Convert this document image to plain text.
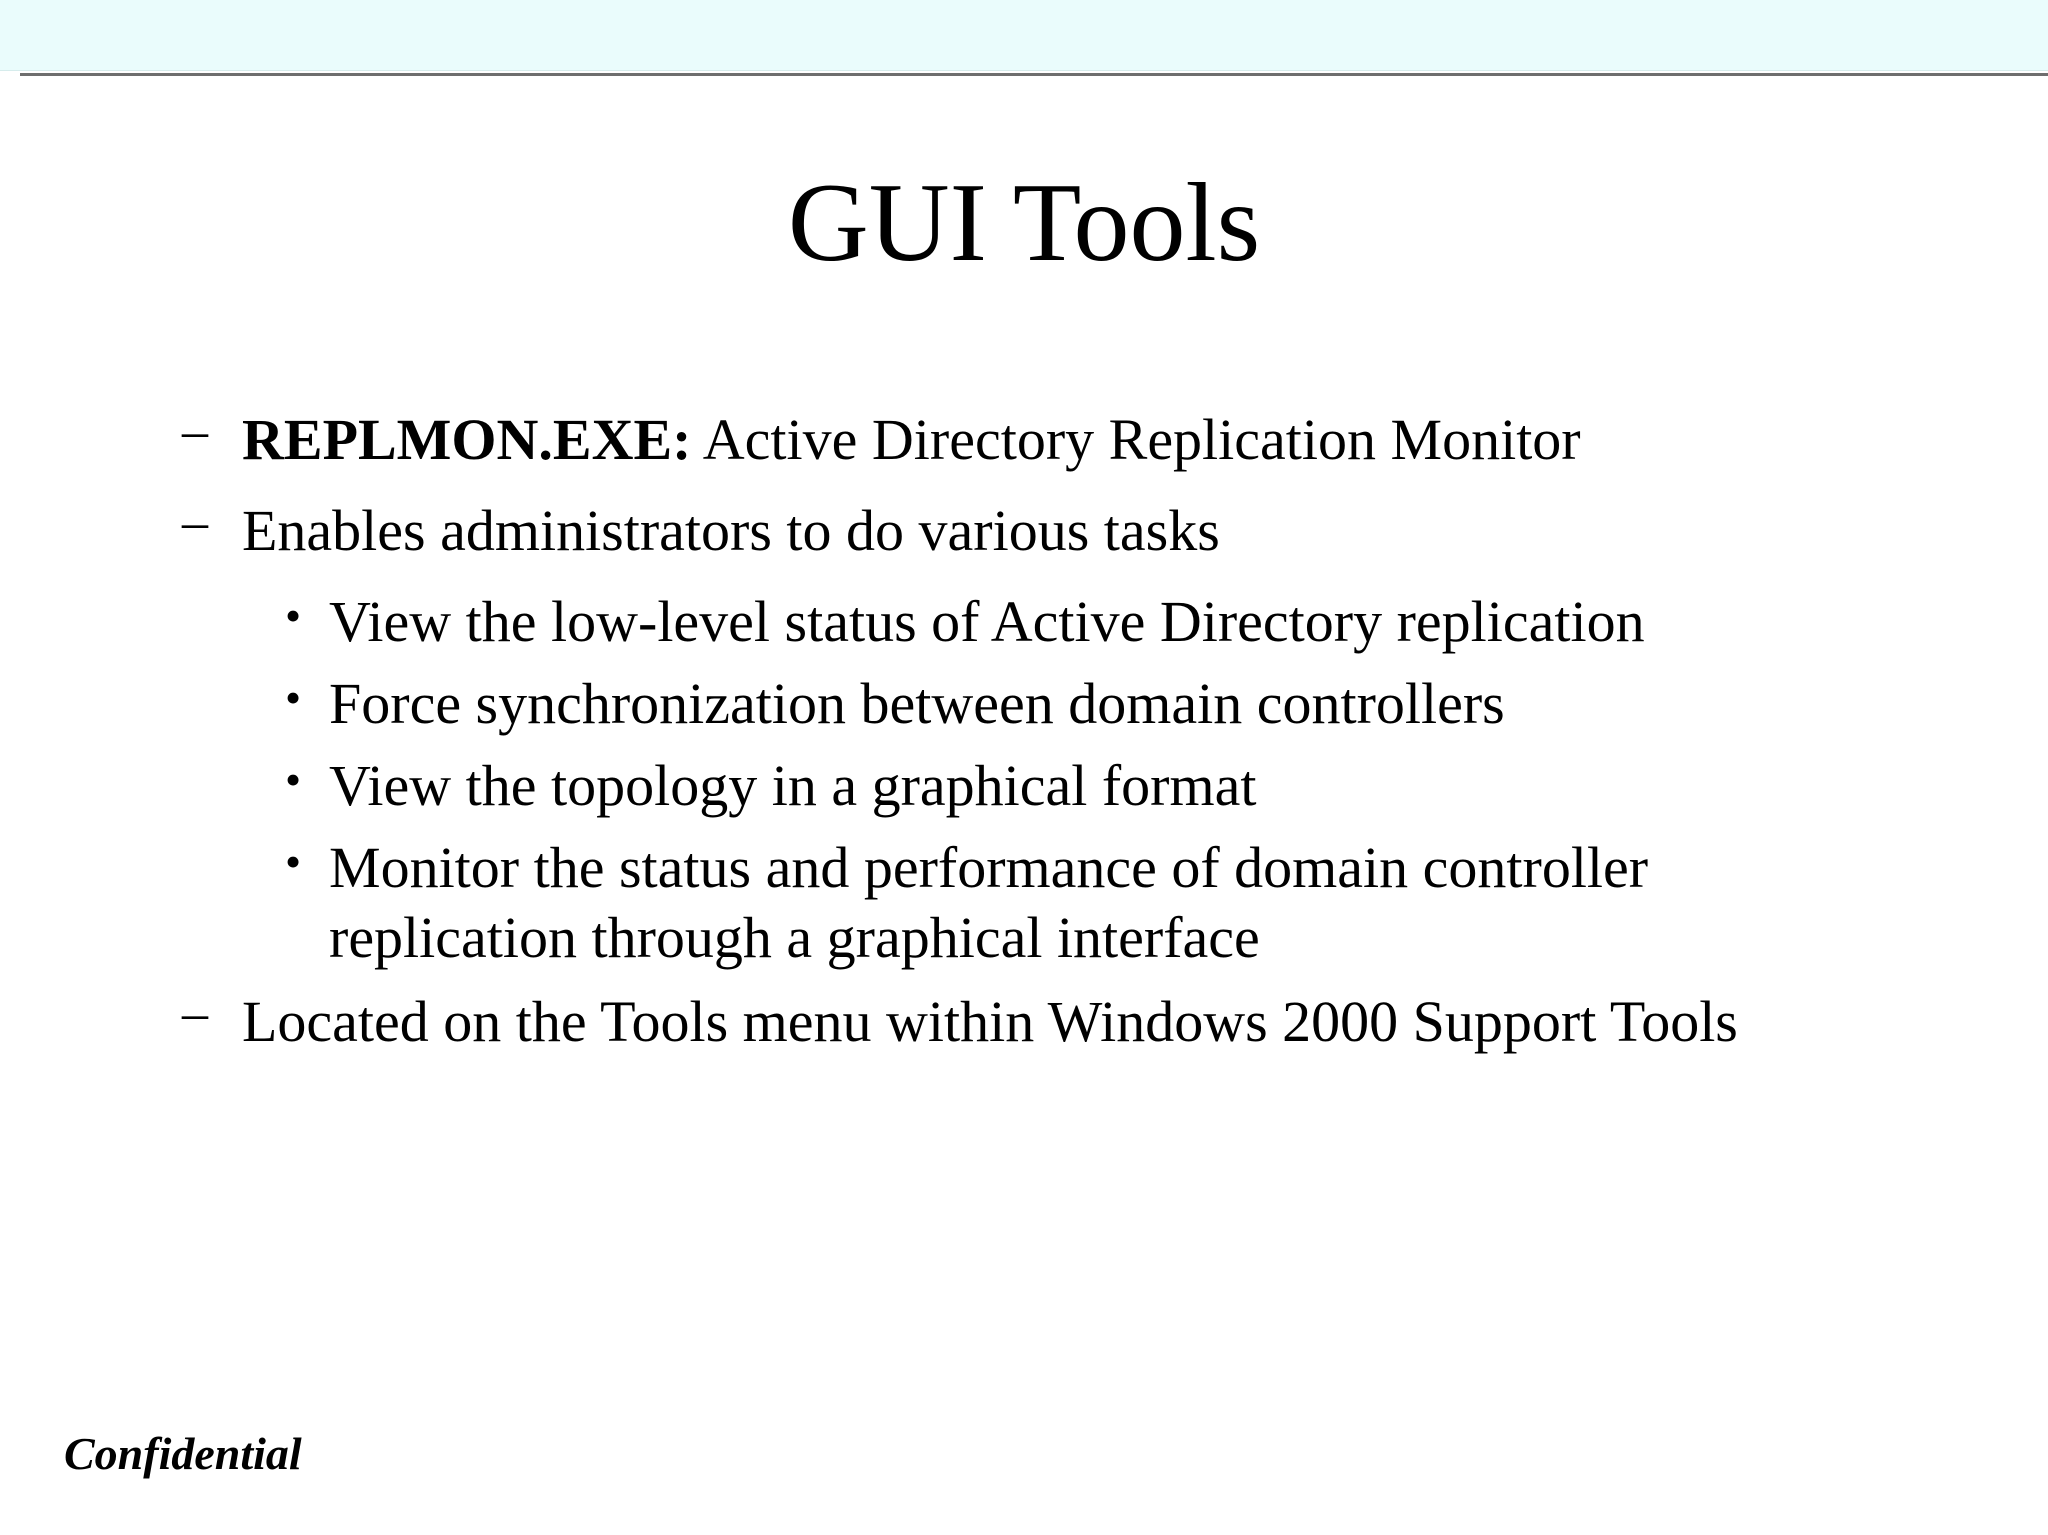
GUI Tools
– REPLMON.EXE: Active Directory Replication Monitor
– Enables administrators to do various tasks
• View the low-level status of Active Directory replication
• Force synchronization between domain controllers
• View the topology in a graphical format
• Monitor the status and performance of domain controller
replication through a graphical interface
– Located on the Tools menu within Windows 2000 Support Tools
Confidential
